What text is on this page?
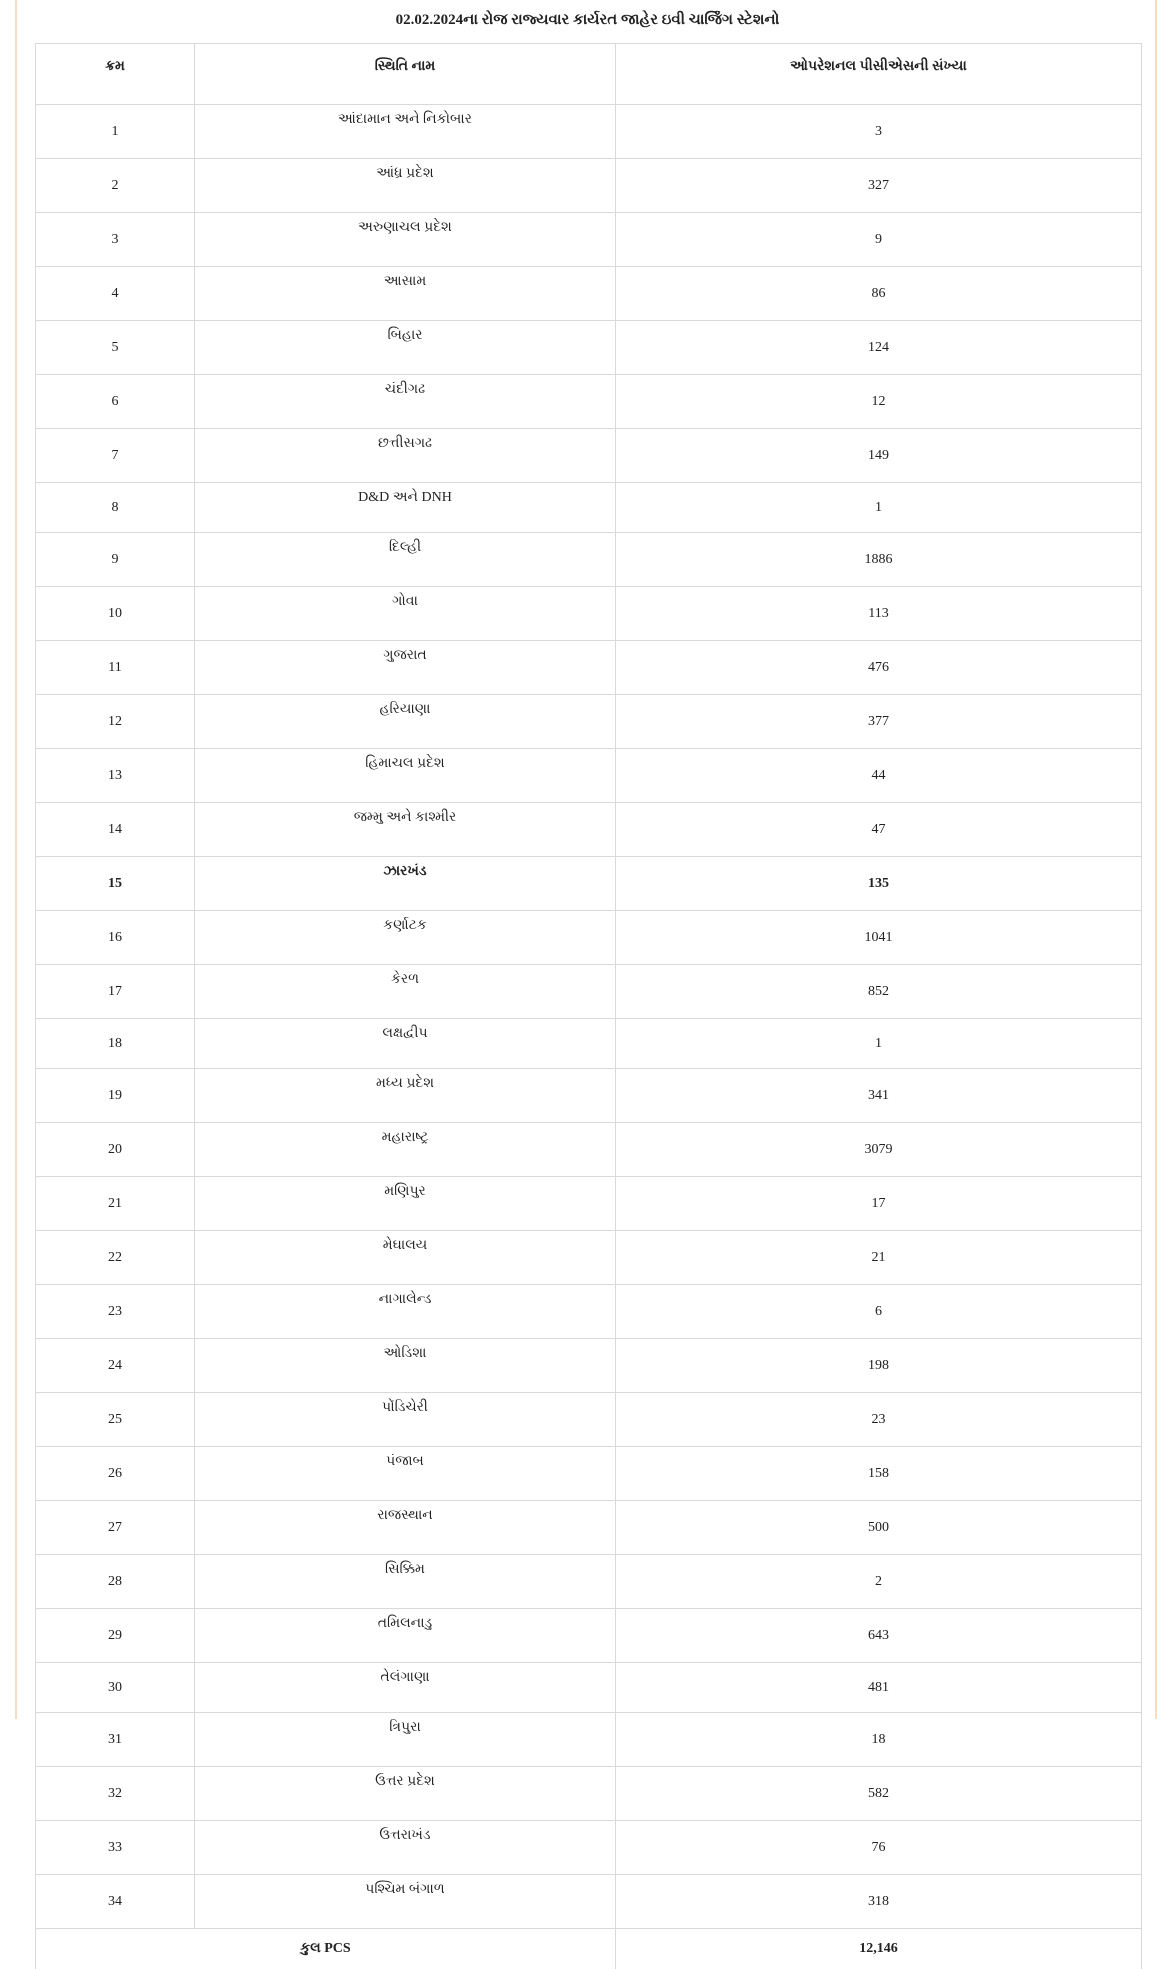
02.02.2024ના રોજ રાજ્યવાર કાર્યરત જાહેર ઇવી ચાર્જિંગ સ્ટેશનો
ક્રમ	સ્થિતિ નામ	ઓપરેશનલ પીસીએસની સંખ્યા
1	આંદામાન અને નિકોબાર	3
2	આંધ્ર પ્રદેશ	327
3	અરુણાચલ પ્રદેશ	9
4	આસામ	86
5	બિહાર	124
6	ચંદીગઢ	12
7	છત્તીસગઢ	149
8	D&D અને DNH	1
9	દિલ્હી	1886
10	ગોવા	113
11	ગુજરાત	476
12	હરિયાણા	377
13	હિમાચલ પ્રદેશ	44
14	જમ્મુ અને કાશ્મીર	47
15	ઝારખંડ	135
16	કર્ણાટક	1041
17	કેરળ	852
18	લક્ષદ્વીપ	1
19	મધ્ય પ્રદેશ	341
20	મહારાષ્ટ્ર	3079
21	મણિપુર	17
22	મેઘાલય	21
23	નાગાલેન્ડ	6
24	ઓડિશા	198
25	પોંડિચેરી	23
26	પંજાબ	158
27	રાજસ્થાન	500
28	સિક્કિમ	2
29	તમિલનાડુ	643
30	તેલંગાણા	481
31	ત્રિપુરા	18
32	ઉત્તર પ્રદેશ	582
33	ઉત્તરાખંડ	76
34	પશ્ચિમ બંગાળ	318
કુલ PCS		12,146
